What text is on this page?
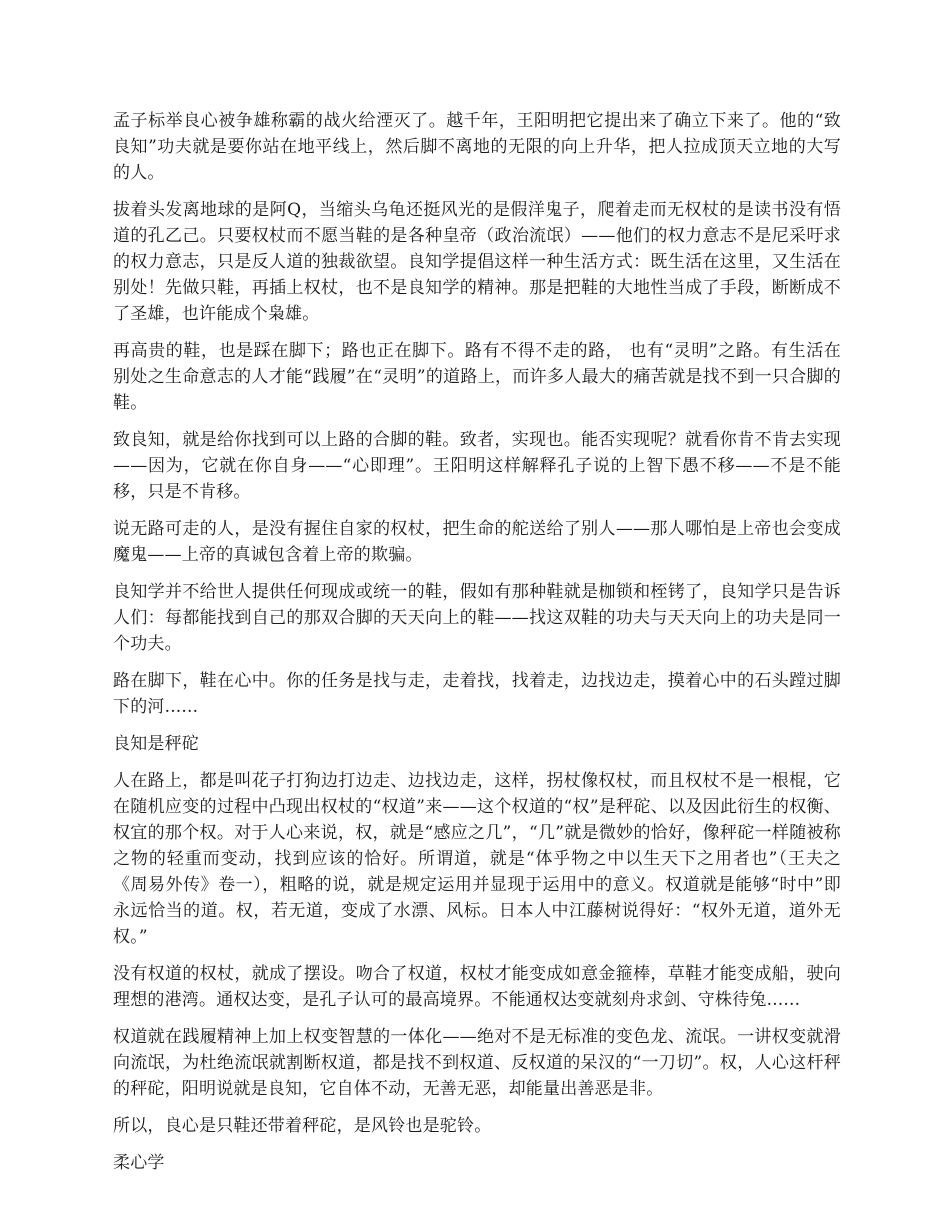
孟子标举良心被争雄称霸的战火给湮灭了。越千年，王阳明把它提出来了确立下来了。他的“致良知”功夫就是要你站在地平线上，然后脚不离地的无限的向上升华，把人拉成顶天立地的大写的人。

拔着头发离地球的是阿Q，当缩头乌龟还挺风光的是假洋鬼子，爬着走而无权杖的是读书没有悟道的孔乙己。只要权杖而不愿当鞋的是各种皇帝（政治流氓）——他们的权力意志不是尼采吁求的权力意志，只是反人道的独裁欲望。良知学提倡这样一种生活方式：既生活在这里，又生活在别处！先做只鞋，再插上权杖，也不是良知学的精神。那是把鞋的大地性当成了手段，断断成不了圣雄，也许能成个枭雄。

再高贵的鞋，也是踩在脚下；路也正在脚下。路有不得不走的路， 也有“灵明”之路。有生活在别处之生命意志的人才能“践履”在“灵明”的道路上，而许多人最大的痛苦就是找不到一只合脚的鞋。

致良知，就是给你找到可以上路的合脚的鞋。致者，实现也。能否实现呢？就看你肯不肯去实现——因为，它就在你自身——“心即理”。王阳明这样解释孔子说的上智下愚不移——不是不能移，只是不肯移。

说无路可走的人，是没有握住自家的权杖，把生命的舵送给了别人——那人哪怕是上帝也会变成魔鬼——上帝的真诚包含着上帝的欺骗。

良知学并不给世人提供任何现成或统一的鞋，假如有那种鞋就是枷锁和桎铐了，良知学只是告诉人们：每都能找到自己的那双合脚的天天向上的鞋——找这双鞋的功夫与天天向上的功夫是同一个功夫。

路在脚下，鞋在心中。你的任务是找与走，走着找，找着走，边找边走，摸着心中的石头蹚过脚下的河......

良知是秤砣

人在路上，都是叫花子打狗边打边走、边找边走，这样，拐杖像权杖，而且权杖不是一根棍，它在随机应变的过程中凸现出权杖的“权道”来——这个权道的“权”是秤砣、以及因此衍生的权衡、权宜的那个权。对于人心来说，权，就是“感应之几”，“几”就是微妙的恰好，像秤砣一样随被称之物的轻重而变动，找到应该的恰好。所谓道，就是“体乎物之中以生天下之用者也”（王夫之《周易外传》卷一），粗略的说，就是规定运用并显现于运用中的意义。权道就是能够“时中”即永远恰当的道。权，若无道，变成了水漂、风标。日本人中江藤树说得好：“权外无道，道外无权。”

没有权道的权杖，就成了摆设。吻合了权道，权杖才能变成如意金箍棒，草鞋才能变成船，驶向理想的港湾。通权达变，是孔子认可的最高境界。不能通权达变就刻舟求剑、守株待兔......

权道就在践履精神上加上权变智慧的一体化——绝对不是无标准的变色龙、流氓。一讲权变就滑向流氓，为杜绝流氓就割断权道，都是找不到权道、反权道的呆汉的“一刀切”。权，人心这杆秤的秤砣，阳明说就是良知，它自体不动，无善无恶，却能量出善恶是非。

所以，良心是只鞋还带着秤砣，是风铃也是驼铃。

柔心学
